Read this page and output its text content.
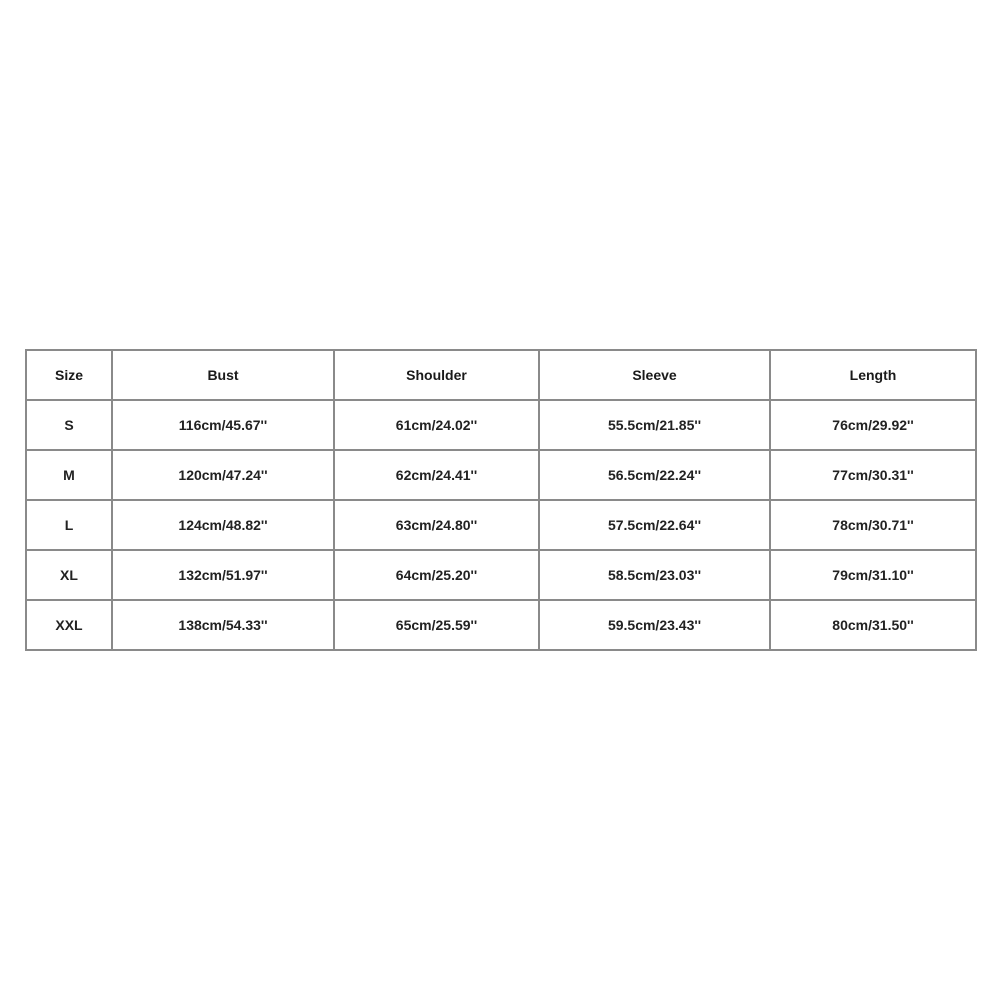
Size	Bust	Shoulder	Sleeve	Length
S	116cm/45.67''	61cm/24.02''	55.5cm/21.85''	76cm/29.92''
M	120cm/47.24''	62cm/24.41''	56.5cm/22.24''	77cm/30.31''
L	124cm/48.82''	63cm/24.80''	57.5cm/22.64''	78cm/30.71''
XL	132cm/51.97''	64cm/25.20''	58.5cm/23.03''	79cm/31.10''
XXL	138cm/54.33''	65cm/25.59''	59.5cm/23.43''	80cm/31.50''
